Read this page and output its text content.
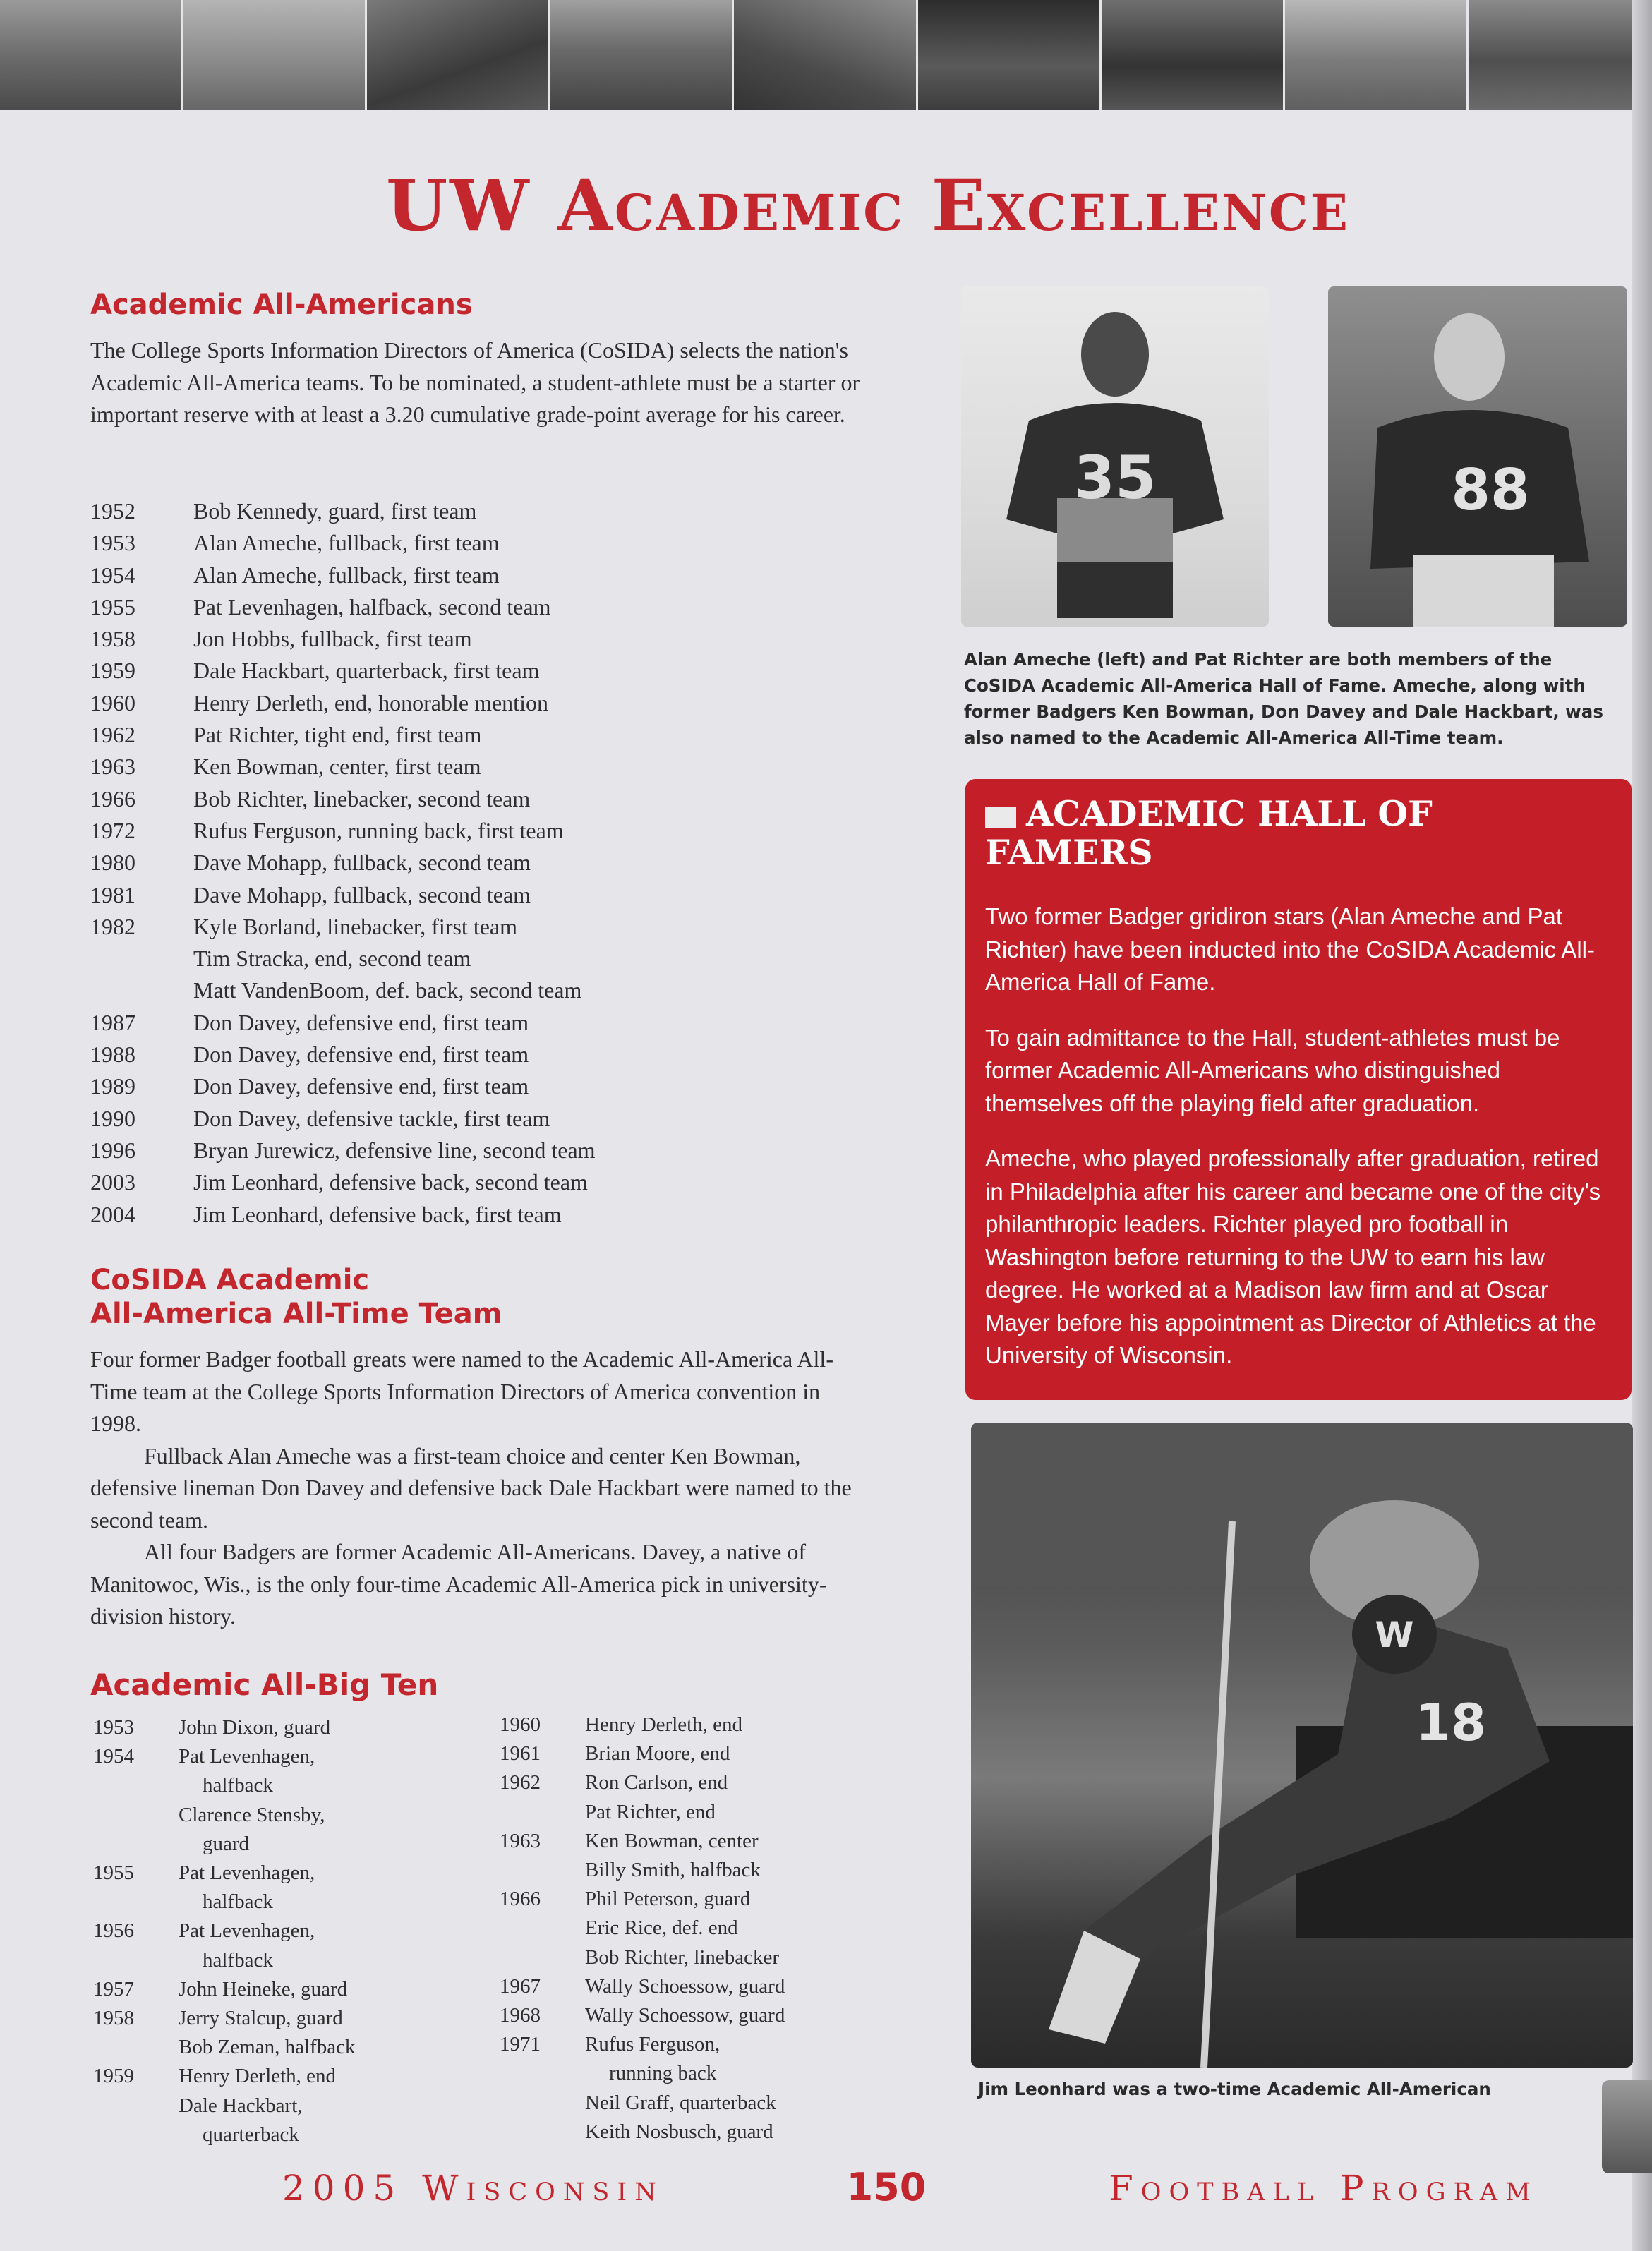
UW Academic Excellence
Academic All-Americans

The College Sports Information Directors of America (CoSIDA) selects the nation's Academic All-America teams. To be nominated, a student-athlete must be a starter or important reserve with at least a 3.20 cumulative grade-point average for his career.

1952	Bob Kennedy, guard, first team
1953	Alan Ameche, fullback, first team
1954	Alan Ameche, fullback, first team
1955	Pat Levenhagen, halfback, second team
1958	Jon Hobbs, fullback, first team
1959	Dale Hackbart, quarterback, first team
1960	Henry Derleth, end, honorable mention
1962	Pat Richter, tight end, first team
1963	Ken Bowman, center, first team
1966	Bob Richter, linebacker, second team
1972	Rufus Ferguson, running back, first team
1980	Dave Mohapp, fullback, second team
1981	Dave Mohapp, fullback, second team
1982	Kyle Borland, linebacker, first team
Tim Stracka, end, second team
Matt VandenBoom, def. back, second team
1987	Don Davey, defensive end, first team
1988	Don Davey, defensive end, first team
1989	Don Davey, defensive end, first team
1990	Don Davey, defensive tackle, first team
1996	Bryan Jurewicz, defensive line, second team
2003	Jim Leonhard, defensive back, second team
2004	Jim Leonhard, defensive back, first team
CoSIDA Academic
All-America All-Time Team
Four former Badger football greats were named to the Academic All-America All-Time team at the College Sports Information Directors of America convention in 1998.
Fullback Alan Ameche was a first-team choice and center Ken Bowman, defensive lineman Don Davey and defensive back Dale Hackbart were named to the second team.
All four Badgers are former Academic All-Americans. Davey, a native of Manitowoc, Wis., is the only four-time Academic All-America pick in university-division history.
Academic All-Big Ten
1953	John Dixon, guard
1954	Pat Levenhagen,
halfback
Clarence Stensby,
guard
1955	Pat Levenhagen,
halfback
1956	Pat Levenhagen,
halfback
1957	John Heineke, guard
1958	Jerry Stalcup, guard
Bob Zeman, halfback
1959	Henry Derleth, end
Dale Hackbart,
quarterback
1960	Henry Derleth, end
1961	Brian Moore, end
1962	Ron Carlson, end
Pat Richter, end
1963	Ken Bowman, center
Billy Smith, halfback
1966	Phil Peterson, guard
Eric Rice, def. end
Bob Richter, linebacker
1967	Wally Schoessow, guard
1968	Wally Schoessow, guard
1971	Rufus Ferguson,
running back
Neil Graff, quarterback
Keith Nosbusch, guard
35	88

Alan Ameche (left) and Pat Richter are both members of the CoSIDA Academic All-America Hall of Fame. Ameche, along with former Badgers Ken Bowman, Don Davey and Dale Hackbart, was also named to the Academic All-America All-Time team.

ACADEMIC HALL OF FAMERS

Two former Badger gridiron stars (Alan Ameche and Pat Richter) have been inducted into the CoSIDA Academic All-America Hall of Fame.

To gain admittance to the Hall, student-athletes must be former Academic All-Americans who distinguished themselves off the playing field after graduation.

Ameche, who played professionally after graduation, retired in Philadelphia after his career and became one of the city's philanthropic leaders. Richter played pro football in Washington before returning to the UW to earn his law degree. He worked at a Madison law firm and at Oscar Mayer before his appointment as Director of Athletics at the University of Wisconsin.

W
18

Jim Leonhard was a two-time Academic All-American

2005 Wisconsin	150	Football Program
